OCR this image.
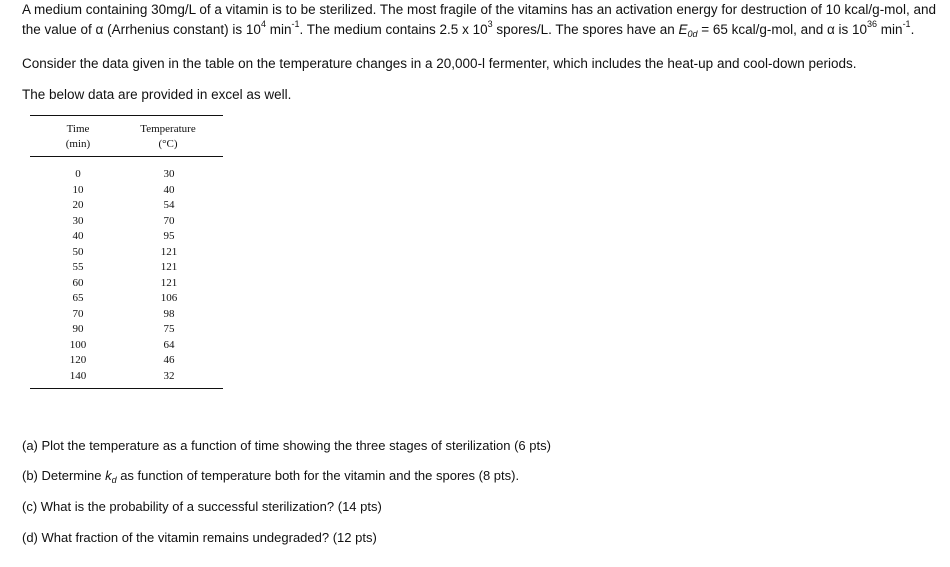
A medium containing 30mg/L of a vitamin is to be sterilized. The most fragile of the vitamins has an activation energy for destruction of 10 kcal/g-mol, and
the value of α (Arrhenius constant) is $10^4$ $\min^{-1}$. The medium contains 2.5 x $10^3$ spores/L. The spores have an $E_{0d} = 65$ kcal/g-mol, and α is $10^{36}$ $\min^{-1}$.
Consider the data given in the table on the temperature changes in a 20,000-l fermenter, which includes the heat-up and cool-down periods.
The below data are provided in excel as well.
Time
(min)
Temperature
(°C)
0
10
20
30
40
50
55
60
65
70
90
100
120
140
30
40
54
70
95
121
121
121
106
98
75
64
46
32
(a) Plot the temperature as a function of time showing the three stages of sterilization (6 pts)
(b) Determine $k_d$ as function of temperature both for the vitamin and the spores (8 pts).
(c) What is the probability of a successful sterilization? (14 pts)
(d) What fraction of the vitamin remains undegraded? (12 pts)
